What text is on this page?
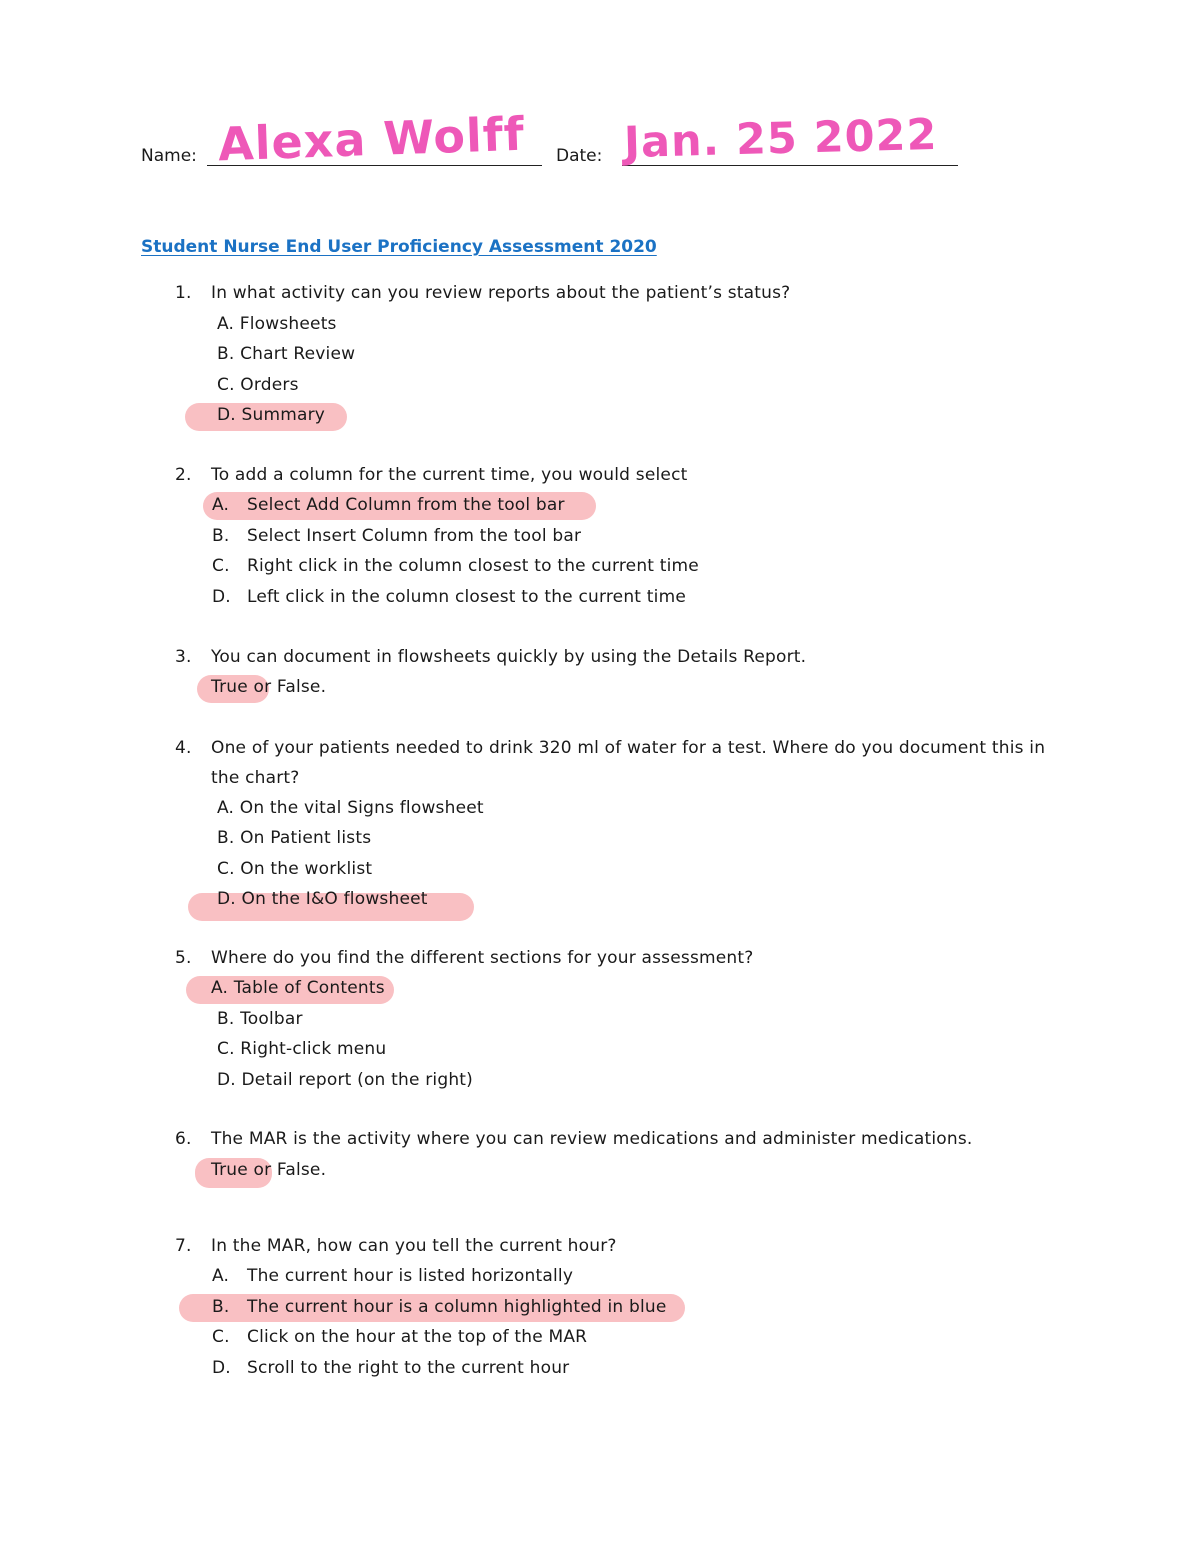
Name: Alexa Wolff Date: Jan. 25 2022
Student Nurse End User Proficiency Assessment 2020
1. In what activity can you review reports about the patient’s status?
A. Flowsheets
B. Chart Review
C. Orders
D. Summary
2. To add a column for the current time, you would select
A. Select Add Column from the tool bar
B. Select Insert Column from the tool bar
C. Right click in the column closest to the current time
D. Left click in the column closest to the current time
3. You can document in flowsheets quickly by using the Details Report.
True or False.
4. One of your patients needed to drink 320 ml of water for a test. Where do you document this in
the chart?
A. On the vital Signs flowsheet
B. On Patient lists
C. On the worklist
D. On the I&O flowsheet
5. Where do you find the different sections for your assessment?
A. Table of Contents
B. Toolbar
C. Right-click menu
D. Detail report (on the right)
6. The MAR is the activity where you can review medications and administer medications.
True or False.
7. In the MAR, how can you tell the current hour?
A. The current hour is listed horizontally
B. The current hour is a column highlighted in blue
C. Click on the hour at the top of the MAR
D. Scroll to the right to the current hour
